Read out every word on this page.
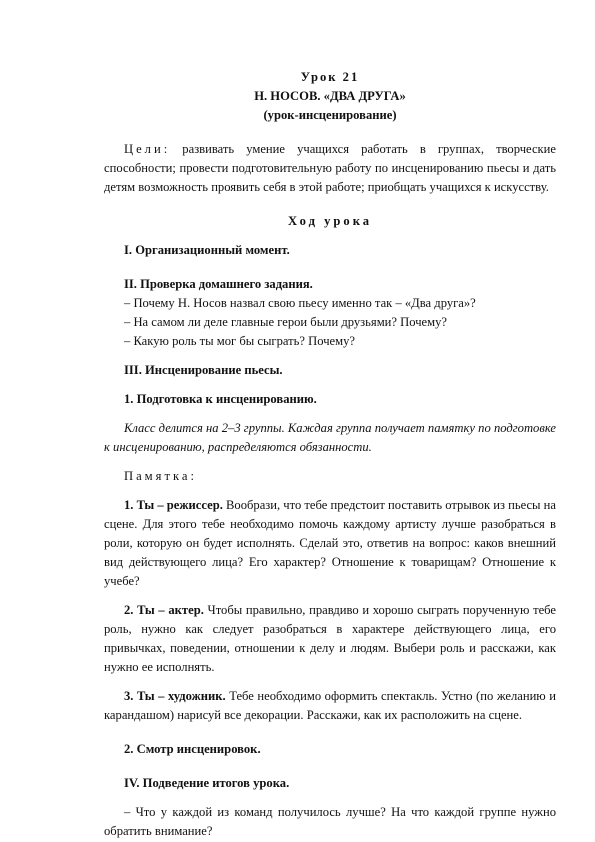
Урок 21
Н. НОСОВ. «ДВА ДРУГА»
(урок-инсценирование)

Цели: развивать умение учащихся работать в группах, творческие способности; провести подготовительную работу по инсценированию пьесы и дать детям возможность проявить себя в этой работе; приобщать учащихся к искусству.

Ход урока

I. Организационный момент.

II. Проверка домашнего задания.

– Почему Н. Носов назвал свою пьесу именно так – «Два друга»?

– На самом ли деле главные герои были друзьями? Почему?

– Какую роль ты мог бы сыграть? Почему?

III. Инсценирование пьесы.

1. Подготовка к инсценированию.

Класс делится на 2–3 группы. Каждая группа получает памятку по подготовке к инсценированию, распределяются обязанности.

Памятка:

1. Ты – режиссер. Вообрази, что тебе предстоит поставить отрывок из пьесы на сцене. Для этого тебе необходимо помочь каждому артисту лучше разобраться в роли, которую он будет исполнять. Сделай это, ответив на вопрос: каков внешний вид действующего лица? Его характер? Отношение к товарищам? Отношение к учебе?

2. Ты – актер. Чтобы правильно, правдиво и хорошо сыграть порученную тебе роль, нужно как следует разобраться в характере действующего лица, его привычках, поведении, отношении к делу и людям. Выбери роль и расскажи, как нужно ее исполнять.

3. Ты – художник. Тебе необходимо оформить спектакль. Устно (по желанию и карандашом) нарисуй все декорации. Расскажи, как их расположить на сцене.

2. Смотр инсценировок.

IV. Подведение итогов урока.

– Что у каждой из команд получилось лучше? На что каждой группе нужно обратить внимание?
